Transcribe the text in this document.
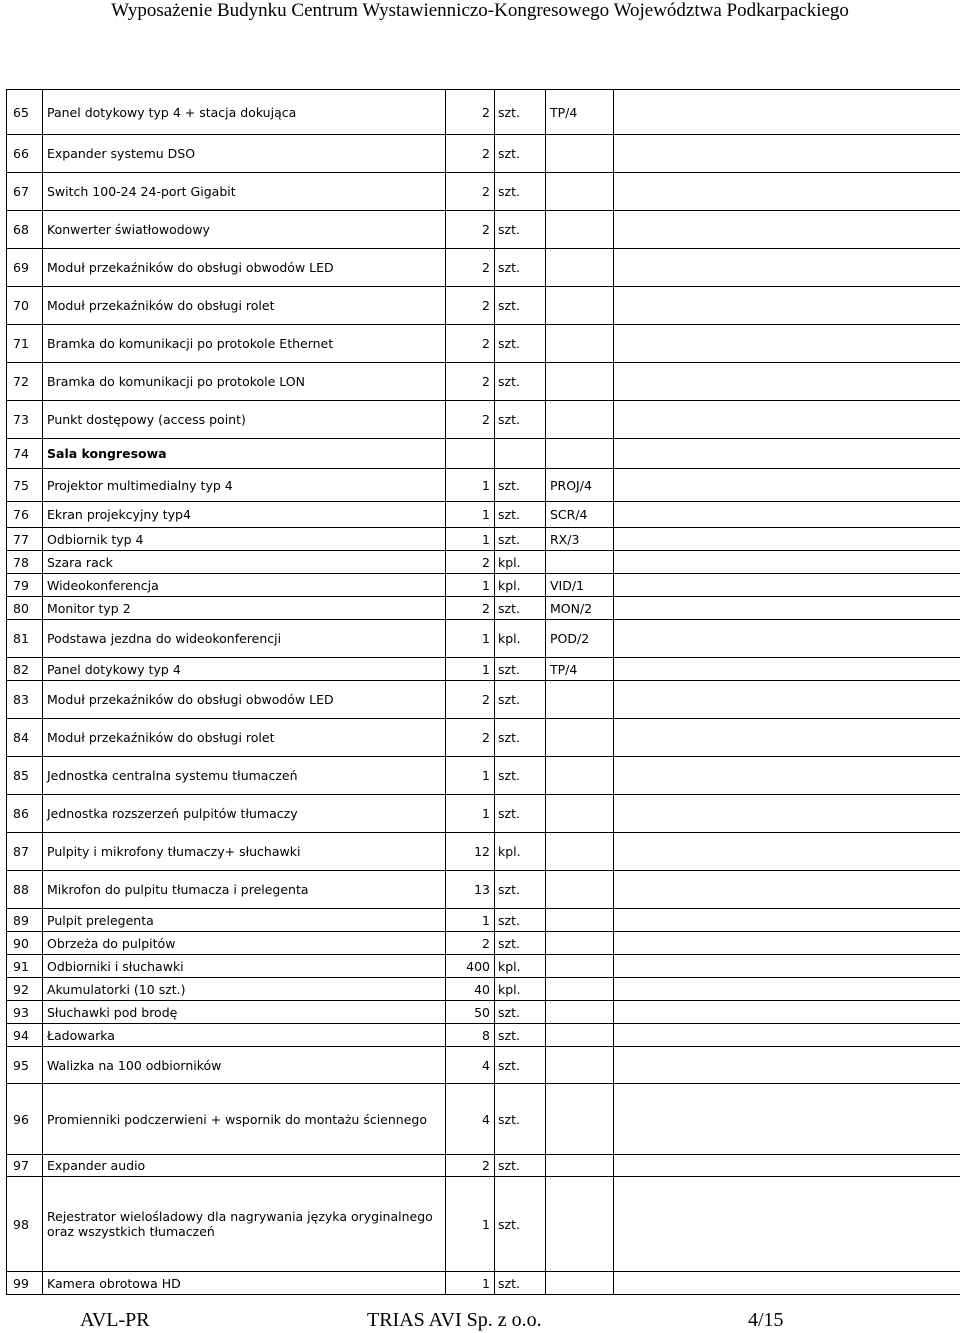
Wyposażenie Budynku Centrum Wystawienniczo-Kongresowego Województwa Podkarpackiego
65	Panel dotykowy typ 4 + stacja dokująca	2	szt.	TP/4	
66	Expander systemu DSO	2	szt.		
67	Switch 100-24 24-port Gigabit	2	szt.		
68	Konwerter światłowodowy	2	szt.		
69	Moduł przekaźników do obsługi obwodów LED	2	szt.		
70	Moduł przekaźników do obsługi rolet	2	szt.		
71	Bramka do komunikacji po protokole Ethernet	2	szt.		
72	Bramka do komunikacji po protokole LON	2	szt.		
73	Punkt dostępowy (access point)	2	szt.		
74	Sala kongresowa				
75	Projektor multimedialny typ 4	1	szt.	PROJ/4	
76	Ekran projekcyjny typ4	1	szt.	SCR/4	
77	Odbiornik typ 4	1	szt.	RX/3	
78	Szara rack	2	kpl.		
79	Wideokonferencja	1	kpl.	VID/1	
80	Monitor typ 2	2	szt.	MON/2	
81	Podstawa jezdna do wideokonferencji	1	kpl.	POD/2	
82	Panel dotykowy typ 4	1	szt.	TP/4	
83	Moduł przekaźników do obsługi obwodów LED	2	szt.		
84	Moduł przekaźników do obsługi rolet	2	szt.		
85	Jednostka centralna systemu tłumaczeń	1	szt.		
86	Jednostka rozszerzeń pulpitów tłumaczy	1	szt.		
87	Pulpity i mikrofony tłumaczy+ słuchawki	12	kpl.		
88	Mikrofon do pulpitu tłumacza i prelegenta	13	szt.		
89	Pulpit prelegenta	1	szt.		
90	Obrzeża do pulpitów	2	szt.		
91	Odbiorniki i słuchawki	400	kpl.		
92	Akumulatorki (10 szt.)	40	kpl.		
93	Słuchawki pod brodę	50	szt.		
94	Ładowarka	8	szt.		
95	Walizka na 100 odbiorników	4	szt.		
96	Promienniki podczerwieni + wspornik do montażu ściennego	4	szt.		
97	Expander audio	2	szt.		
98	Rejestrator wielośladowy dla nagrywania języka oryginalnego oraz wszystkich tłumaczeń	1	szt.		
99	Kamera obrotowa HD	1	szt.		
AVL-PR	TRIAS AVI Sp. z o.o.	4/15
